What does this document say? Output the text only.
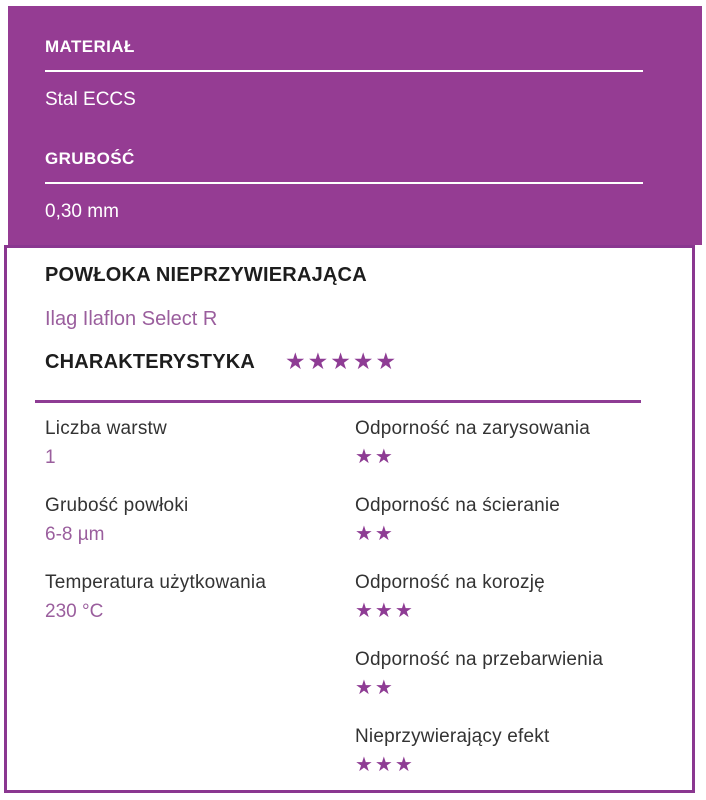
MATERIAŁ
Stal ECCS
GRUBOŚĆ
0,30 mm
POWŁOKA NIEPRZYWIERAJĄCA
Ilag Ilaflon Select R
CHARAKTERYSTYKA ★★★★★
Liczba warstw
1
Grubość powłoki
6-8 µm
Temperatura użytkowania
230 °C
Odporność na zarysowania
★★
Odporność na ścieranie
★★
Odporność na korozję
★★★
Odporność na przebarwienia
★★
Nieprzywierający efekt
★★★
